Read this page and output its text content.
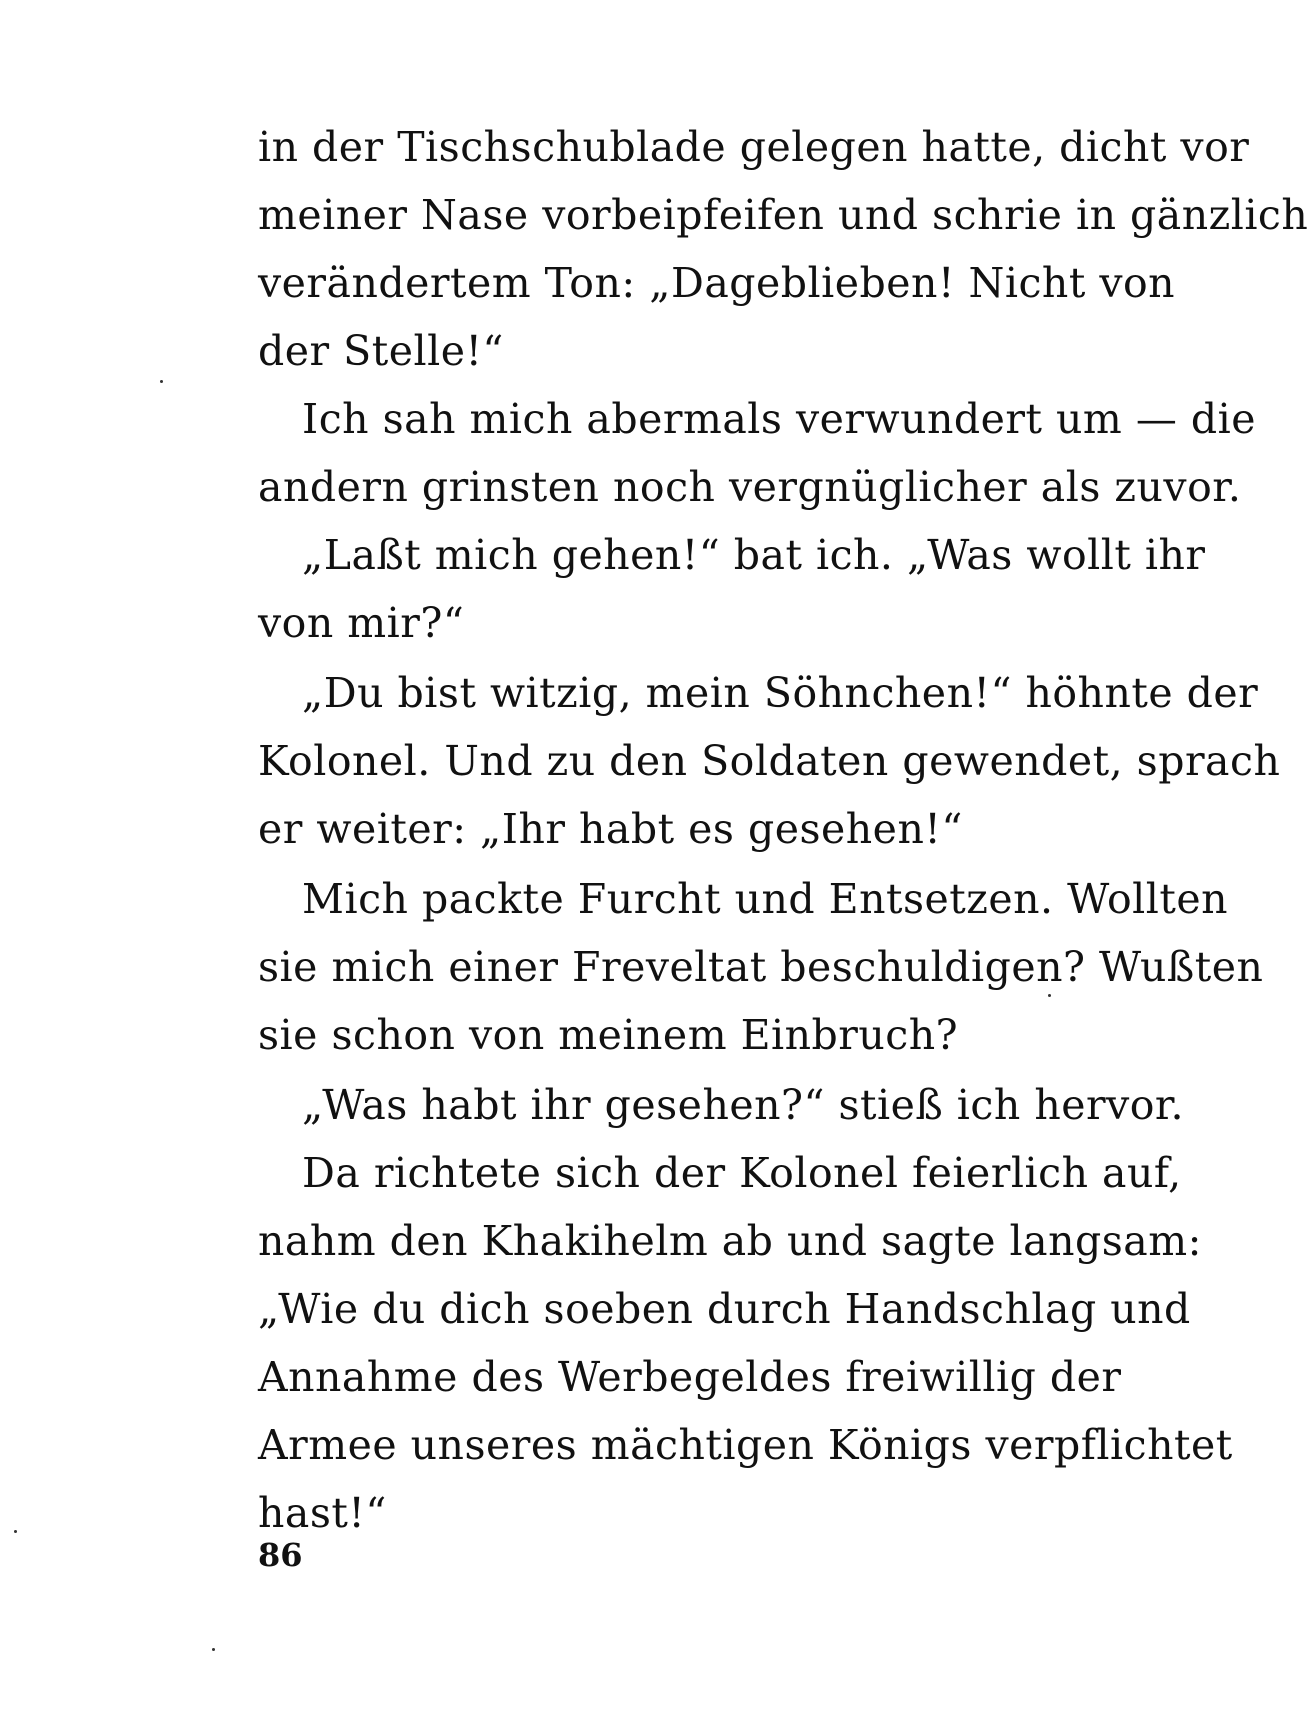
in der Tischschublade gelegen hatte, dicht vor
meiner Nase vorbeipfeifen und schrie in gänzlich
verändertem Ton: „Dageblieben! Nicht von
der Stelle!“
Ich sah mich abermals verwundert um — die
andern grinsten noch vergnüglicher als zuvor.
„Laßt mich gehen!“ bat ich. „Was wollt ihr
von mir?“
„Du bist witzig, mein Söhnchen!“ höhnte der
Kolonel. Und zu den Soldaten gewendet, sprach
er weiter: „Ihr habt es gesehen!“
Mich packte Furcht und Entsetzen. Wollten
sie mich einer Freveltat beschuldigen? Wußten
sie schon von meinem Einbruch?
„Was habt ihr gesehen?“ stieß ich hervor.
Da richtete sich der Kolonel feierlich auf,
nahm den Khakihelm ab und sagte langsam:
„Wie du dich soeben durch Handschlag und
Annahme des Werbegeldes freiwillig der
Armee unseres mächtigen Königs verpflichtet
hast!“
86
